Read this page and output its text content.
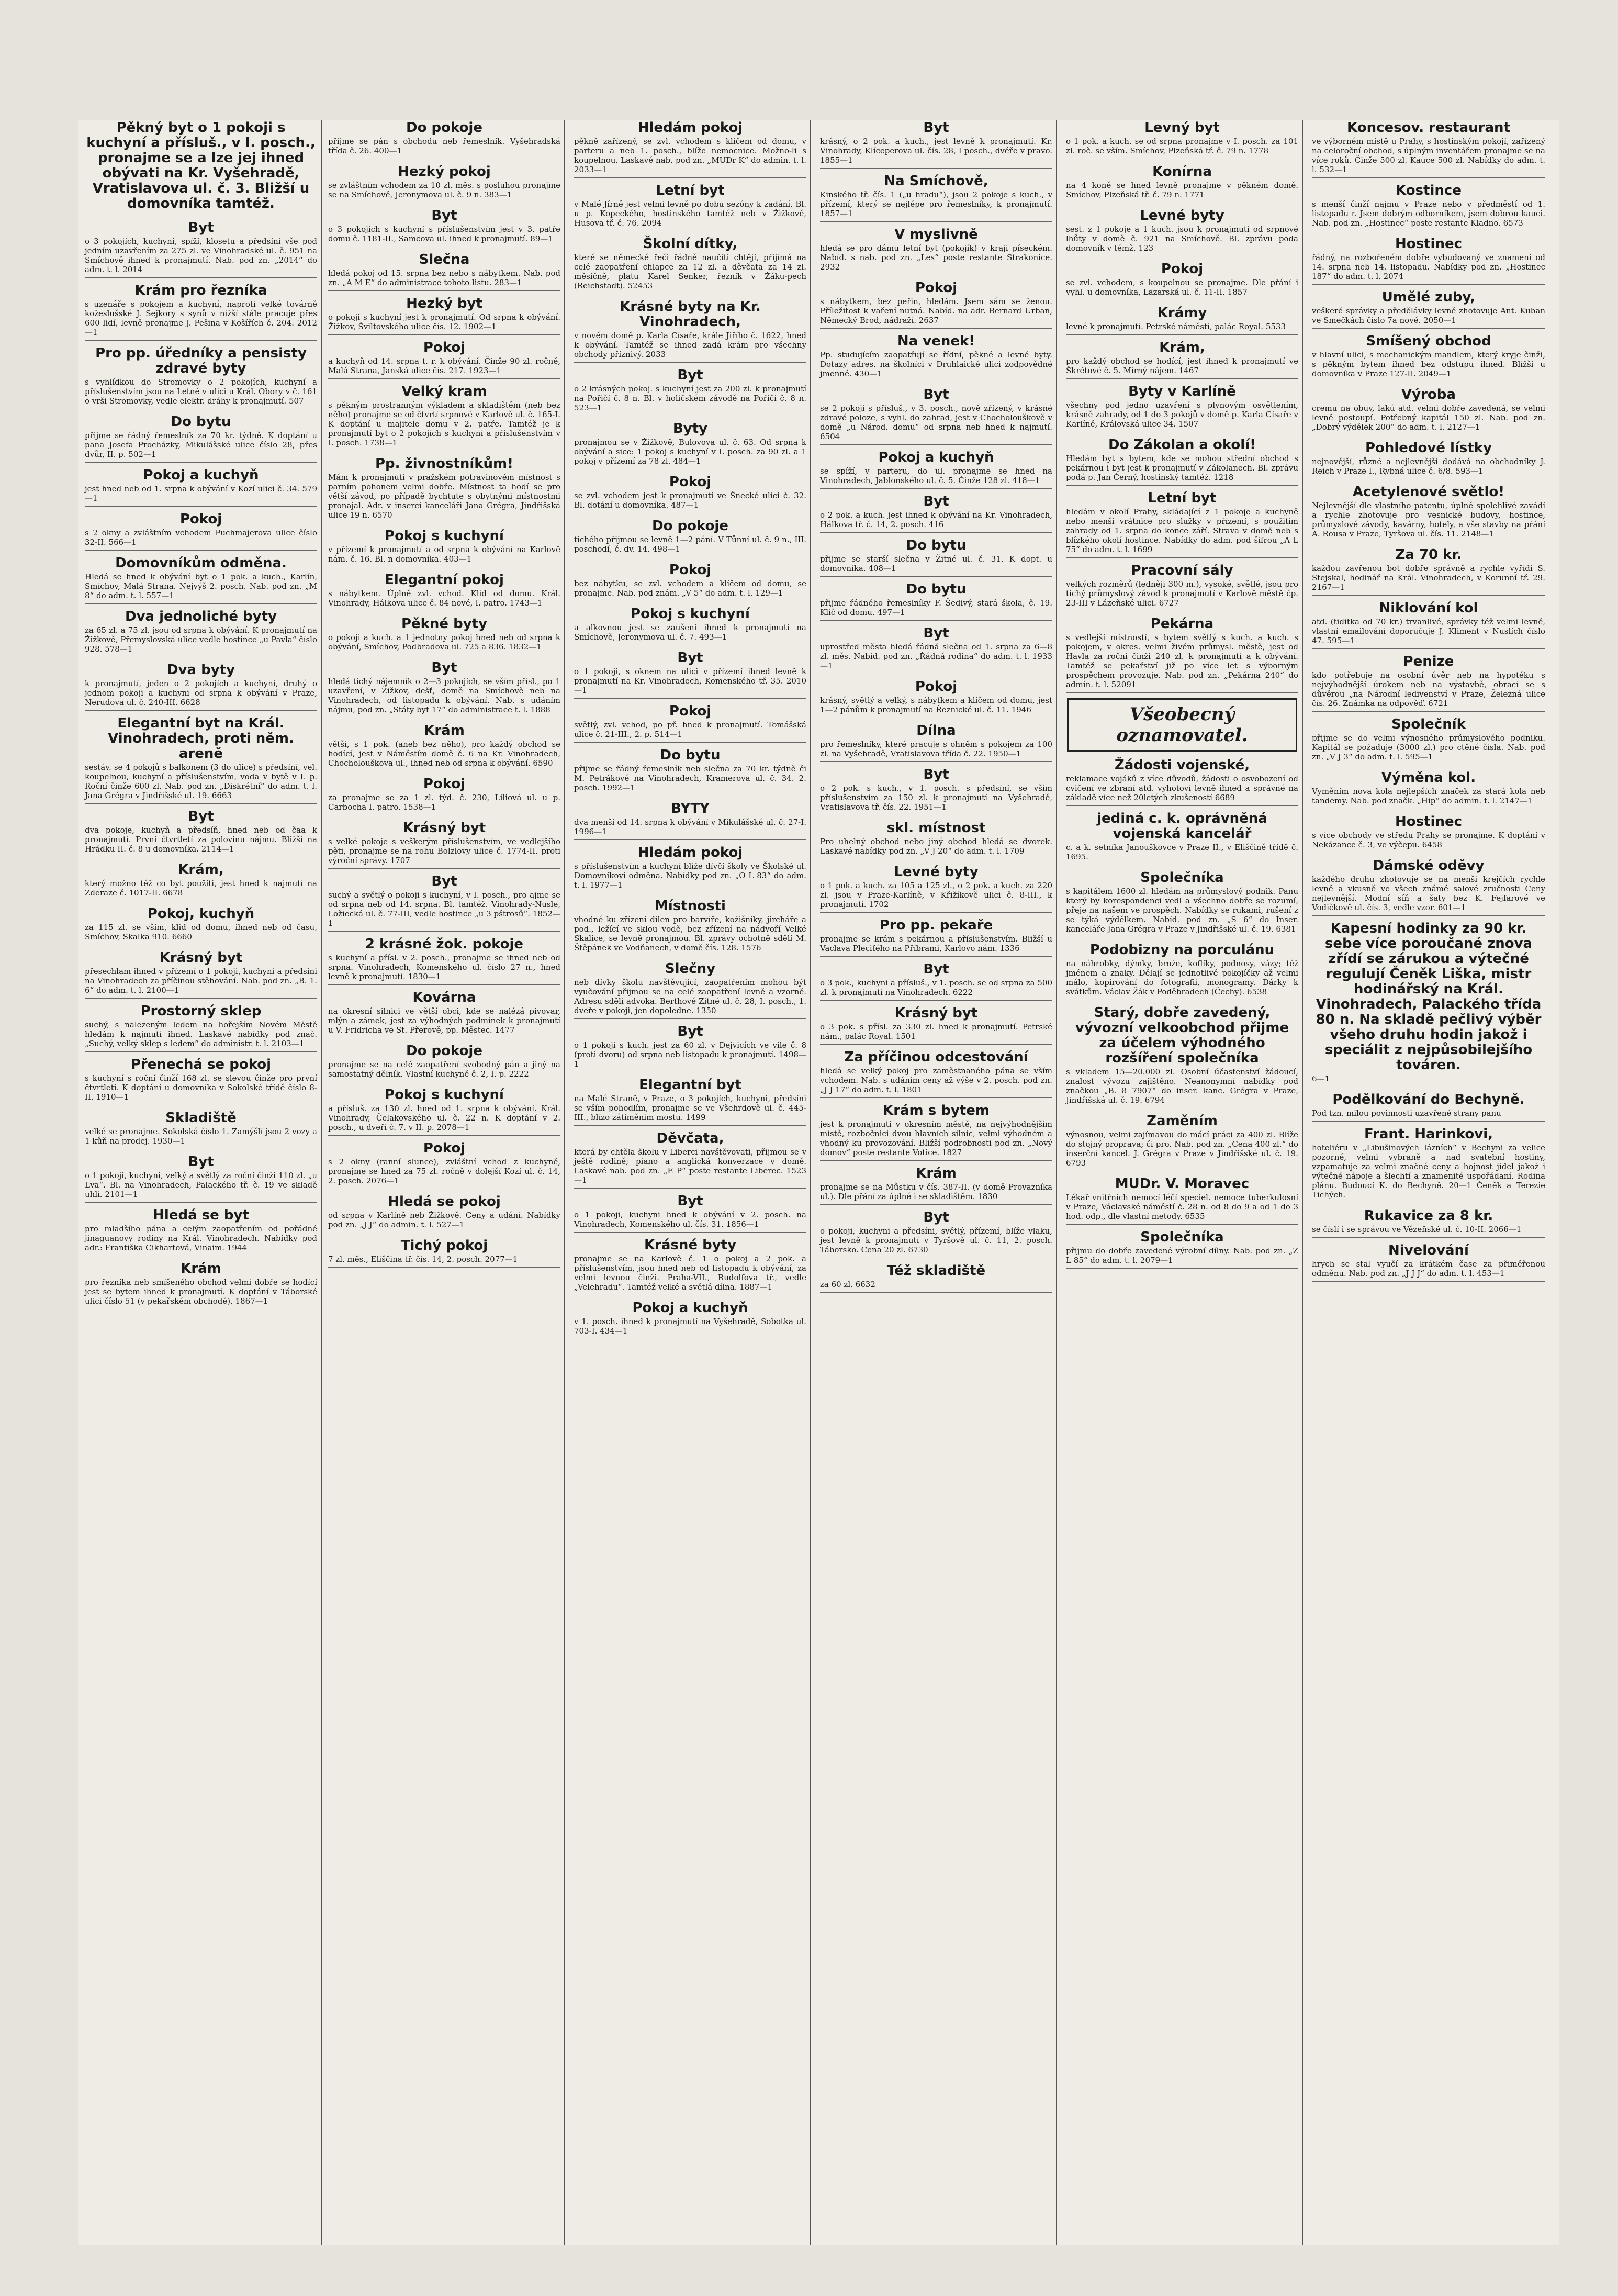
Pěkný byt o 1 pokoji s kuchyní a přísluš., v I. posch., pronajme se a lze jej ihned obývati na Kr. Vyšehradě, Vratislavova ul. č. 3. Bližší u domovníka tamtéž.
Byt

o 3 pokojích, kuchyní, spíží, klosetu a předsíni vše pod jedním uzavřením za 275 zl. ve Vinohradské ul. č. 951 na Smíchově ihned k pronajmutí. Nab. pod zn. „2014“ do adm. t. l. 2014

Krám pro řezníka

s uzenáře s pokojem a kuchyní, naproti velké továrně kožeslušské J. Sejkory s synů v nižší stále pracuje přes 600 lidí, levně pronajme J. Pešina v Košířích č. 204. 2012—1

Pro pp. úředníky a pensisty zdravé byty

s vyhlídkou do Stromovky o 2 pokojích, kuchyní a příslušenstvím jsou na Letné v ulici u Král. Obory v č. 161 o vrši Stromovky, vedle elektr. dráhy k pronajmutí. 507

Do bytu

přijme se řádný řemeslník za 70 kr. týdně. K doptání u pana Josefa Procházky, Mikulášské ulice číslo 28, přes dvůr, II. p. 502—1

Pokoj a kuchyň

jest hned neb od 1. srpna k obývání v Kozí ulici č. 34. 579—1

Pokoj

s 2 okny a zvláštním vchodem Puchmajerova ulice číslo 32-II. 566—1

Domovníkům odměna.

Hledá se hned k obývání byt o 1 pok. a kuch., Karlín, Smíchov, Malá Strana. Nejvýš 2. posch. Nab. pod zn. „M 8“ do adm. t. l. 557—1

Dva jednoliché byty

za 65 zl. a 75 zl. jsou od srpna k obývání. K pronajmutí na Žižkově, Přemyslovská ulice vedle hostince „u Pavla“ číslo 928. 578—1

Dva byty

k pronajmutí, jeden o 2 pokojích a kuchyni, druhý o jednom pokoji a kuchyni od srpna k obývání v Praze, Nerudova ul. č. 240-III. 6628

Elegantní byt na Král. Vinohradech, proti něm. areně

sestáv. se 4 pokojů s balkonem (3 do ulice) s předsíní, vel. koupelnou, kuchyní a příslušenstvím, voda v bytě v I. p. Roční činže 600 zl. Nab. pod zn. „Diskrétní“ do adm. t. l. Jana Grégra v Jindřišské ul. 19. 6663

Byt

dva pokoje, kuchyň a předsíň, hned neb od čaa k pronajmutí. První čtvrtletí za polovinu nájmu. Bližší na Hrádku II. č. 8 u domovníka. 2114—1

Krám,

který možno též co byt použíti, jest hned k najmutí na Zderaze č. 1017-II. 6678

Pokoj, kuchyň

za 115 zl. se vším, klid od domu, ihned neb od času, Smíchov, Skalka 910. 6660

Krásný byt

přesechlam ihned v přízemí o 1 pokoji, kuchyni a předsíni na Vinohradech za příčinou stěhování. Nab. pod zn. „B. 1. 6“ do adm. t. l. 2100—1

Prostorný sklep

suchý, s nalezeným ledem na hořejším Novém Městě hledám k najmutí ihned. Laskavé nabídky pod znač. „Suchý, velký sklep s ledem“ do administr. t. l. 2103—1

Přenechá se pokoj

s kuchyní s roční činží 168 zl. se slevou činže pro první čtvrtletí. K doptání u domovníka v Sokolské třídě číslo 8-II. 1910—1

Skladiště

velké se pronajme. Sokolská číslo 1. Zamýšlí jsou 2 vozy a 1 kůň na prodej. 1930—1

Byt

o 1 pokoji, kuchyni, velký a světlý za roční činži 110 zl. „u Lva“. Bl. na Vinohradech, Palackého tř. č. 19 ve skladě uhlí. 2101—1

Hledá se byt

pro mladšího pána a celým zaopatřením od pořádné jinaguanovy rodiny na Král. Vinohradech. Nabídky pod adr.: Františka Cikhartová, Vinaim. 1944

Krám

pro řezníka neb smíšeného obchod velmi dobře se hodící jest se bytem ihned k pronajmutí. K doptání v Táborské ulici číslo 51 (v pekařském obchodě). 1867—1

Do pokoje

přijme se pán s obchodu neb řemeslník. Vyšehradská třída č. 26. 400—1

Hezký pokoj

se zvláštním vchodem za 10 zl. měs. s posluhou pronajme se na Smíchově, Jeronymova ul. č. 9 n. 383—1

Byt

o 3 pokojích s kuchyní s příslušenstvím jest v 3. patře domu č. 1181-II., Samcova ul. ihned k pronajmutí. 89—1

Slečna

hledá pokoj od 15. srpna bez nebo s nábytkem. Nab. pod zn. „A M E“ do administrace tohoto listu. 283—1

Hezký byt

o pokoji s kuchyní jest k pronajmutí. Od srpna k obývání. Žižkov, Šviltovského ulice čís. 12. 1902—1

Pokoj

a kuchyň od 14. srpna t. r. k obývání. Činže 90 zl. ročně, Malá Strana, Janská ulice čís. 217. 1923—1

Velký kram

s pěkným prostranným výkladem a skladištěm (neb bez něho) pronajme se od čtvrtí srpnové v Karlově ul. č. 165-I. K doptání u majitele domu v 2. patře. Tamtéž je k pronajmutí byt o 2 pokojích s kuchyní a příslušenstvím v I. posch. 1738—1

Pp. živnostníkům!

Mám k pronajmutí v pražském potravinovém místnost s parním pohonem velmi dobře. Místnost ta hodí se pro větší závod, po případě bychtute s obytnými místnostmi pronajal. Adr. v inserci kanceláři Jana Grégra, Jindřišská ulice 19 n. 6570

Pokoj s kuchyní

v přízemí k pronajmutí a od srpna k obývání na Karlově nám. č. 16. Bl. n domovníka. 403—1

Elegantní pokoj

s nábytkem. Úplně zvl. vchod. Klid od domu. Král. Vinohrady, Hálkova ulice č. 84 nové, I. patro. 1743—1

Pěkné byty

o pokoji a kuch. a 1 jednotny pokoj hned neb od srpna k obývání, Smíchov, Podbradova ul. 725 a 836. 1832—1

Byt

hledá tichý nájemník o 2—3 pokojích, se vším přísl., po 1 uzavření, v Žižkov, dešť, domě na Smíchově neb na Vinohradech, od listopadu k obývání. Nab. s udáním nájmu, pod zn. „Státy byt 17“ do administrace t. l. 1888

Krám

větší, s 1 pok. (aneb bez něho), pro každý obchod se hodící, jest v Náměstím domě č. 6 na Kr. Vinohradech, Chocholouškova ul., ihned neb od srpna k obývání. 6590

Pokoj

za pronajme se za 1 zl. týd. č. 230, Liliová ul. u p. Carbocha I. patro. 1538—1

Krásný byt

s velké pokoje s veškerým příslušenstvím, ve vedlejšího pěti, pronajme se na rohu Bolzlovy ulice č. 1774-II. proti výroční správy. 1707

Byt

suchý a světlý o pokoji s kuchyní, v I. posch., pro ajme se od srpna neb od 14. srpna. Bl. tamtéž. Vinohrady-Nusle, Ložiecká ul. č. 77-III, vedle hostince „u 3 pštrosů“. 1852—1

2 krásné žok. pokoje

s kuchyní a přísl. v 2. posch., pronajme se ihned neb od srpna. Vinohradech, Komenského ul. číslo 27 n., hned levně k pronajmutí. 1830—1

Kovárna

na okresní silnici ve větší obci, kde se nalézá pivovar, mlýn a zámek, jest za výhodných podmínek k pronajmutí u V. Fridricha ve St. Přerově, pp. Městec. 1477

Do pokoje

pronajme se na celé zaopatření svobodný pán a jiný na samostatný dělník. Vlastní kuchyně č. 2, I. p. 2222

Pokoj s kuchyní

a přísluš. za 130 zl. hned od 1. srpna k obývání. Král. Vinohrady, Čelakovského ul. č. 22 n. K doptání v 2. posch., u dveří č. 7. v II. p. 2078—1

Pokoj

s 2 okny (ranní slunce), zvláštní vchod z kuchyně, pronajme se hned za 75 zl. ročně v dolejší Kozí ul. č. 14, 2. posch. 2076—1

Hledá se pokoj

od srpna v Karlíně neb Žižkově. Ceny a udání. Nabídky pod zn. „J J“ do admin. t. l. 527—1

Tichý pokoj

7 zl. měs., Eliščina tř. čís. 14, 2. posch. 2077—1

Hledám pokoj

pěkně zařízený, se zvl. vchodem s klíčem od domu, v parteru a neb 1. posch., blíže nemocnice. Možno-li s koupelnou. Laskavé nab. pod zn. „MUDr K“ do admin. t. l. 2033—1

Letní byt

v Malé Jírně jest velmi levně po dobu sezóny k zadání. Bl. u p. Kopeckého, hostinského tamtéž neb v Žižkově, Husova tř. č. 76. 2094

Školní dítky,

které se německé řeči řádně naučiti chtějí, přijímá na celé zaopatření chlapce za 12 zl. a děvčata za 14 zl. měsíčně, platu Karel Senker, řezník v Žáku-pech (Reichstadt). 52453

Krásné byty na Kr. Vinohradech,

v novém domě p. Karla Císaře, krále Jiřího č. 1622, hned k obývání. Tamtéž se ihned zadá krám pro všechny obchody příznivý. 2033

Byt

o 2 krásných pokoj. s kuchyní jest za 200 zl. k pronajmutí na Pořičí č. 8 n. Bl. v holičském závodě na Pořičí č. 8 n. 523—1

Byty

pronajmou se v Žižkově, Bulovova ul. č. 63. Od srpna k obývání a sice: 1 pokoj s kuchyní v I. posch. za 90 zl. a 1 pokoj v přízemí za 78 zl. 484—1

Pokoj

se zvl. vchodem jest k pronajmutí ve Šnecké ulici č. 32. Bl. dotání u domovníka. 487—1

Do pokoje

tichého přijmou se levně 1—2 pání. V Tůnní ul. č. 9 n., III. poschodí, č. dv. 14. 498—1

Pokoj

bez nábytku, se zvl. vchodem a klíčem od domu, se pronajme. Nab. pod znám. „V 5“ do adm. t. l. 129—1

Pokoj s kuchyní

a alkovnou jest se zaušení ihned k pronajmutí na Smíchově, Jeronymova ul. č. 7. 493—1

Byt

o 1 pokoji, s oknem na ulici v přízemí ihned levně k pronajmutí na Kr. Vinohradech, Komenského tř. 35. 2010—1

Pokoj

světlý, zvl. vchod, po př. hned k pronajmutí. Tomášská ulice č. 21-III., 2. p. 514—1

Do bytu

přijme se řádný řemeslník neb slečna za 70 kr. týdně či M. Petrákové na Vinohradech, Kramerova ul. č. 34. 2. posch. 1992—1

BYTY

dva menší od 14. srpna k obývání v Mikulášské ul. č. 27-I. 1996—1

Hledám pokoj

s příslušenstvím a kuchyní blíže dívčí školy ve Školské ul. Domovníkovi odměna. Nabídky pod zn. „O L 83“ do adm. t. l. 1977—1

Místnosti

vhodné ku zřízení dílen pro barvíře, kožišníky, jircháře a pod., ležící ve sklou vodě, bez zřízení na nádvoří Velké Skalice, se levně pronajmou. Bl. zprávy ochotně sdělí M. Štěpánek ve Vodňanech, v domě čís. 128. 1576

Slečny

neb dívky školu navštěvující, zaopatřením mohou být vyučování přijmou se na celé zaopatření levně a vzorně. Adresu sdělí advoka. Berthové Zitné ul. č. 28, I. posch., 1. dveře v pokoji, jen dopoledne. 1350

Byt

o 1 pokoji s kuch. jest za 60 zl. v Dejvicích ve vile č. 8 (proti dvoru) od srpna neb listopadu k pronajmutí. 1498—1

Elegantní byt

na Malé Straně, v Praze, o 3 pokojích, kuchyni, předsíni se vším pohodlím, pronajme se ve Všehrdově ul. č. 445-III., blízo zátiměnim mostu. 1499

Děvčata,

která by chtěla školu v Liberci navštěvovati, přijmou se v ještě rodině; piano a anglická konverzace v domě. Laskavé nab. pod zn. „E P“ poste restante Liberec. 1523—1

Byt

o 1 pokoji, kuchyni hned k obývání v 2. posch. na Vinohradech, Komenského ul. čís. 31. 1856—1

Krásné byty

pronajme se na Karlově č. 1 o pokoj a 2 pok. a příslušenstvím, jsou hned neb od listopadu k obývání, za velmi levnou činži. Praha-VII., Rudolfova tř., vedle „Velehradu“. Tamtéž velké a světlá dílna. 1887—1

Pokoj a kuchyň

v 1. posch. ihned k pronajmutí na Vyšehradě, Sobotka ul. 703-I. 434—1

Byt

krásný, o 2 pok. a kuch., jest levně k pronajmutí. Kr. Vinohrady, Klíceperova ul. čís. 28, I posch., dvéře v pravo. 1855—1

Na Smíchově,

Kinského tř. čís. 1 („u hradu“), jsou 2 pokoje s kuch., v přízemí, který se nejlépe pro řemeslníky, k pronajmutí. 1857—1

V myslivně

hledá se pro dámu letní byt (pokojík) v kraji píseckém. Nabíd. s nab. pod zn. „Les“ poste restante Strakonice. 2932

Pokoj

s nábytkem, bez peřin, hledám. Jsem sám se ženou. Příležitost k vaření nutná. Nabíd. na adr. Bernard Urban, Německý Brod, nádraží. 2637

Na venek!

Pp. studujícím zaopatřují se řídní, pěkné a levné byty. Dotazy adres. na školníci v Druhlaické ulici zodpovědné jmenné. 430—1

Byt

se 2 pokoji s přísluš., v 3. posch., nově zřízený, v krásné zdravé poloze, s vyhl. do zahrad, jest v Chocholouškově v domě „u Národ. domu“ od srpna neb hned k najmutí. 6504

Pokoj a kuchyň

se spíží, v parteru, do ul. pronajme se hned na Vinohradech, Jablonského ul. č. 5. Činže 128 zl. 418—1

Byt

o 2 pok. a kuch. jest ihned k obývání na Kr. Vinohradech, Hálkova tř. č. 14, 2. posch. 416

Do bytu

přijme se starší slečna v Žitné ul. č. 31. K dopt. u domovníka. 408—1

Do bytu

přijme řádného řemeslníky F. Šedivý, stará škola, č. 19. Klíč od domu. 497—1

Byt

uprostřed města hledá řádná slečna od 1. srpna za 6—8 zl. měs. Nabíd. pod zn. „Řádná rodina“ do adm. t. l. 1933—1

Pokoj

krásný, světlý a velký, s nábytkem a klíčem od domu, jest 1—2 pánům k pronajmutí na Řeznické ul. č. 11. 1946

Dílna

pro řemeslníky, které pracuje s ohněm s pokojem za 100 zl. na Vyšehradě, Vratislavova třída č. 22. 1950—1

Byt

o 2 pok. s kuch., v 1. posch. s předsíní, se vším příslušenstvím za 150 zl. k pronajmutí na Vyšehradě, Vratislavova tř. čís. 22. 1951—1

skl. místnost

Pro uhelný obchod nebo jiný obchod hledá se dvorek. Laskavé nabídky pod zn. „V J 20“ do adm. t. l. 1709

Levné byty

o 1 pok. a kuch. za 105 a 125 zl., o 2 pok. a kuch. za 220 zl. jsou v Praze-Karlíně, v Křižíkově ulici č. 8-III., k pronajmutí. 1702

Pro pp. pekaře

pronajme se krám s pekárnou a příslušenstvím. Bližší u Vaclava Pleciťého na Příbrami, Karlovo nám. 1336

Byt

o 3 pok., kuchyni a přísluš., v 1. posch. se od srpna za 500 zl. k pronajmutí na Vinohradech. 6222

Krásný byt

o 3 pok. s přísl. za 330 zl. hned k pronajmutí. Petrské nám., palác Royal. 1501

Za příčinou odcestování

hledá se velký pokoj pro zaměstnaného pána se vším vchodem. Nab. s udáním ceny až výše v 2. posch. pod zn. „J J 17“ do adm. t. l. 1801

Krám s bytem

jest k pronajmutí v okresním městě, na nejvýhodnějším místě, rozbočnici dvou hlavních silnic, velmi výhodném a vhodný ku provozování. Bližší podrobnosti pod zn. „Nový domov“ poste restante Votice. 1827

Krám

pronajme se na Můstku v čís. 387-II. (v domě Provazníka ul.). Dle přání za úplné i se skladištěm. 1830

Byt

o pokoji, kuchyni a předsíni, světlý, přízemí, blíže vlaku, jest levně k pronajmutí v Tyršově ul. č. 11, 2. posch. Táborsko. Cena 20 zl. 6730

Též skladiště

za 60 zl. 6632

Levný byt

o 1 pok. a kuch. se od srpna pronajme v I. posch. za 101 zl. roč. se vším. Smíchov, Plzeňská tř. č. 79 n. 1778

Konírna

na 4 koně se hned levně pronajme v pěkném domě. Smíchov, Plzeňská tř. č. 79 n. 1771

Levné byty

sest. z 1 pokoje a 1 kuch. jsou k pronajmutí od srpnové lhůty v domě č. 921 na Smíchově. Bl. zprávu poda domovník v témž. 123

Pokoj

se zvl. vchodem, s koupelnou se pronajme. Dle přání i vyhl. u domovníka, Lazarská ul. č. 11-II. 1857

Krámy

levné k pronajmutí. Petrské náměstí, palác Royal. 5533

Krám,

pro každý obchod se hodící, jest ihned k pronajmutí ve Škrétové č. 5. Mírný nájem. 1467

Byty v Karlíně

všechny pod jedno uzavření s plynovým osvětlením, krásně zahrady, od 1 do 3 pokojů v domě p. Karla Císaře v Karlíně, Královská ulice 34. 1507

Do Zákolan a okolí!

Hledám byt s bytem, kde se mohou střední obchod s pekárnou i byt jest k pronajmutí v Zákolanech. Bl. zprávu podá p. Jan Černý, hostinský tamtéž. 1218

Letní byt

hledám v okolí Prahy, skládající z 1 pokoje a kuchyně nebo menší vrátnice pro služky v přízemí, s použitím zahrady od 1. srpna do konce září. Strava v domě neb s blízkého okolí hostince. Nabídky do adm. pod šifrou „A L 75“ do adm. t. l. 1699

Pracovní sály

velkých rozměrů (ledněji 300 m.), vysoké, světlé, jsou pro tichý průmyslový závod k pronajmutí v Karlově městě čp. 23-III v Lázeňské ulici. 6727

Pekárna

s vedlejší místností, s bytem světlý s kuch. a kuch. s pokojem, v okres. velmi živém průmysl. městě, jest od Havla za roční činži 240 zl. k pronajmutí a k obývání. Tamtéž se pekařství již po více let s výborným prospěchem provozuje. Nab. pod zn. „Pekárna 240“ do admin. t. l. 52091

Všeobecný oznamovatel.
Žádosti vojenské,

reklamace vojáků z více důvodů, žádosti o osvobození od cvičení ve zbraní atd. vyhotoví levně ihned a správné na základě více než 20letých zkušeností 6689

jediná c. k. oprávněná vojenská kancelář

c. a k. setníka Janouškovce v Praze II., v Eliščině třídě č. 1695.

Společníka

s kapitálem 1600 zl. hledám na průmyslový podnik. Panu který by korespondenci vedl a všechno dobře se rozumí, přeje na našem ve prospěch. Nabídky se rukami, rušení z se týká výdělkem. Nabíd. pod zn. „S 6“ do Inser. kanceláře Jana Grégra v Praze v Jindřišské ul. č. 19. 6381

Podobizny na porculánu

na náhrobky, dýmky, brože, koflíky, podnosy, vázy; též jménem a znaky. Dělají se jednotlivé pokojíčky až velmi málo, kopírování do fotografii, monogramy. Dárky k svátkům. Václav Žák v Poděbradech (Čechy). 6538

Starý, dobře zavedený, vývozní velkoobchod přijme za účelem výhodného rozšíření společníka

s vkladem 15—20.000 zl. Osobní účastenství žádoucí, znalost vývozu zajištěno. Neanonymní nabídky pod značkou „B. 8 7907“ do inser. kanc. Grégra v Praze, Jindřišská ul. č. 19. 6794

Zaměním

výnosnou, velmi zajímavou do mácí práci za 400 zl. Blíže do stojný proprava; či pro. Nab. pod zn. „Cena 400 zl.“ do inserční kancel. J. Grégra v Praze v Jindřišské ul. č. 19. 6793

MUDr. V. Moravec

Lékař vnitřních nemocí léčí speciel. nemoce tuberkulosní v Praze, Václavské náměstí č. 28 n. od 8 do 9 a od 1 do 3 hod. odp., dle vlastní metody. 6535

Společníka

přijmu do dobře zavedené výrobní dílny. Nab. pod zn. „Z L 85“ do adm. t. l. 2079—1

Koncesov. restaurant

ve výborném místě u Prahy, s hostinským pokojí, zařízený na celoroční obchod, s úplným inventářem pronajme se na více roků. Činže 500 zl. Kauce 500 zl. Nabídky do adm. t. l. 532—1

Kostince

s menší činží najmu v Praze nebo v předměstí od 1. listopadu r. Jsem dobrým odborníkem, jsem dobrou kauci. Nab. pod zn. „Hostinec“ poste restante Kladno. 6573

Hostinec

řádný, na rozbořeném dobře vybudovaný ve znamení od 14. srpna neb 14. listopadu. Nabídky pod zn. „Hostinec 187“ do adm. t. l. 2074

Umělé zuby,

veškeré správky a předělávky levně zhotovuje Ant. Kuban ve Smečkách číslo 7a nové. 2050—1

Smíšený obchod

v hlavní ulici, s mechanickým mandlem, který kryje činži, s pěkným bytem ihned bez odstupu ihned. Blížší u domovníka v Praze 127-II. 2049—1

Výroba

cremu na obuv, lakú atd. velmi dobře zavedená, se velmi levně postoupí. Potřebný kapitál 150 zl. Nab. pod zn. „Dobrý výdělek 200“ do adm. t. l. 2127—1

Pohledové lístky

nejnovější, různé a nejlevnější dodává na obchodníky J. Reich v Praze I., Rybná ulice č. 6/8. 593—1

Acetylenové světlo!

Nejlevnější dle vlastního patentu, úplně spolehlivé zavádí a rychle zhotovuje pro vesnické budovy, hostince, průmyslové závody, kavárny, hotely, a vše stavby na přání A. Rousa v Praze, Tyršova ul. čís. 11. 2148—1

Za 70 kr.

každou zavřenou bot dobře správně a rychle vyřídí S. Stejskal, hodinář na Král. Vinohradech, v Korunní tř. 29. 2167—1

Niklování kol

atd. (tiditka od 70 kr.) trvanlivé, správky též velmi levně, vlastní emailování doporučuje J. Kliment v Nuslích číslo 47. 595—1

Penize

kdo potřebuje na osobní úvěr neb na hypotéku s nejvýhodnější úrokem neb na výstavbě, obrací se s důvěrou „na Národní ledivenství v Praze, Železná ulice čís. 26. Známka na odpověď. 6721

Společník

přijme se do velmi výnosného průmyslového podniku. Kapitál se požaduje (3000 zl.) pro ctěné čísla. Nab. pod zn. „V J 3“ do adm. t. l. 595—1

Výměna kol.

Vyměním nova kola nejlepších značek za stará kola neb tandemy. Nab. pod značk. „Hip“ do admin. t. l. 2147—1

Hostinec

s více obchody ve středu Prahy se pronajme. K doptání v Nekázance č. 3, ve výčepu. 6458

Dámské oděvy

každého druhu zhotovuje se na menši krejčích rychle levně a vkusně ve všech známé salové zručnosti Ceny nejlevnější. Modní síň a šaty bez K. Fejfarové ve Vodičkově ul. čís. 3, vedle vzor. 601—1

Kapesní hodinky za 90 kr. sebe více poroučané znova zřídí se zárukou a výtečné regulují Čeněk Liška, mistr hodinářský na Král. Vinohradech, Palackého třída 80 n. Na skladě pečlivý výběr všeho druhu hodin jakož i speciálit z nejpůsobilejšího továren.

6—1

Podělkování do Bechyně.

Pod tzn. milou povinnosti uzavřené strany panu

Frant. Harinkovi,

hoteliéru v „Libušinových lázních“ v Bechyni za velice pozorné, velmi vybraně a nad svatební hostiny, vzpamatuje za velmi značné ceny a hojnost jídel jakož i výtečné nápoje a šlechtí a znamenité uspořádaní. Rodina plánu. Budoucí K. do Bechyně. 20—1 Čeněk a Terezie Tichých.

Rukavice za 8 kr.

se číslí i se správou ve Vězeňské ul. č. 10-II. 2066—1

Nivelování

hrych se stal vyučí za krátkém čase za přiměřenou odměnu. Nab. pod zn. „J J J“ do adm. t. l. 453—1
